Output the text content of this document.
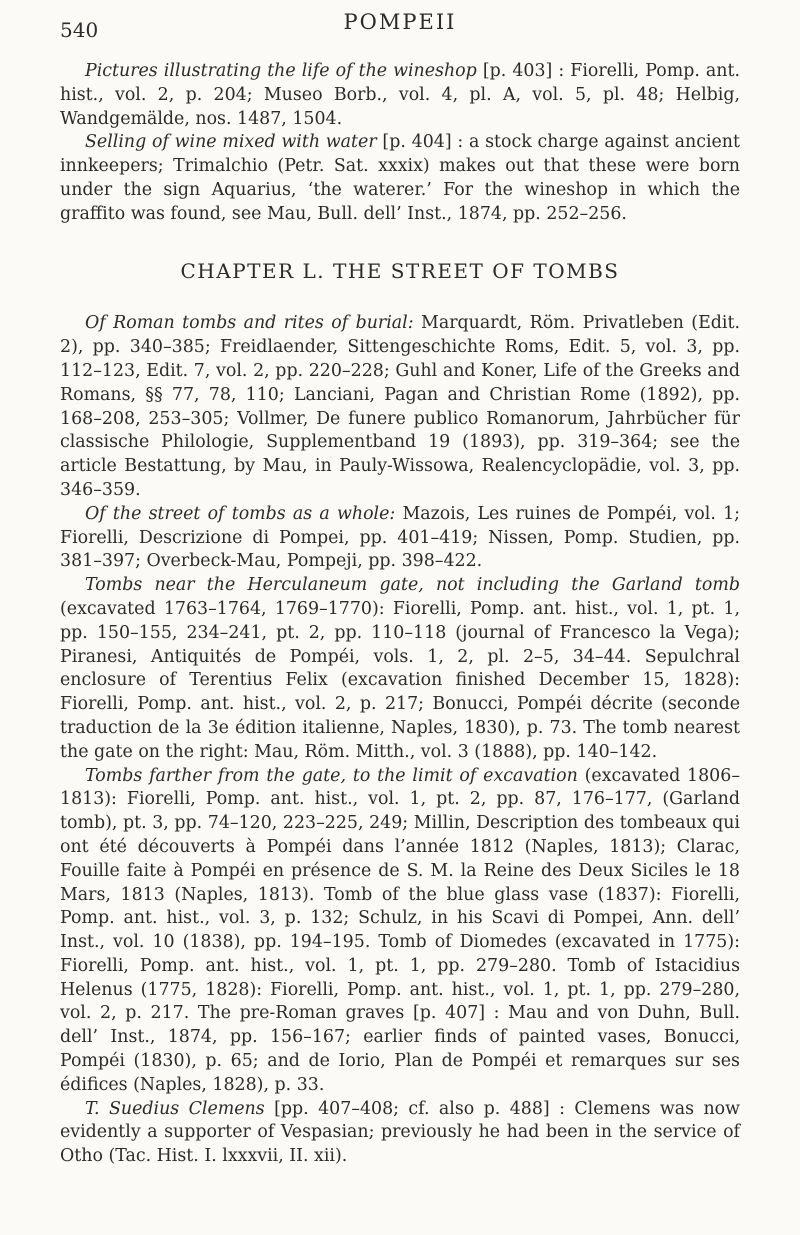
540	POMPEII

Pictures illustrating the life of the wineshop [p. 403] : Fiorelli, Pomp. ant. hist., vol. 2, p. 204; Museo Borb., vol. 4, pl. A, vol. 5, pl. 48; Helbig, Wandgemälde, nos. 1487, 1504.

Selling of wine mixed with water [p. 404] : a stock charge against ancient innkeepers; Trimalchio (Petr. Sat. xxxix) makes out that these were born under the sign Aquarius, ‘the waterer.’ For the wineshop in which the graffito was found, see Mau, Bull. dell’ Inst., 1874, pp. 252–256.

CHAPTER L. THE STREET OF TOMBS

Of Roman tombs and rites of burial: Marquardt, Röm. Privatleben (Edit. 2), pp. 340–385; Freidlaender, Sittengeschichte Roms, Edit. 5, vol. 3, pp. 112–123, Edit. 7, vol. 2, pp. 220–228; Guhl and Koner, Life of the Greeks and Romans, §§ 77, 78, 110; Lanciani, Pagan and Christian Rome (1892), pp. 168–208, 253–305; Vollmer, De funere publico Romanorum, Jahrbücher für classische Philologie, Supplementband 19 (1893), pp. 319–364; see the article Bestattung, by Mau, in Pauly-Wissowa, Realencyclopädie, vol. 3, pp. 346–359.

Of the street of tombs as a whole: Mazois, Les ruines de Pompéi, vol. 1; Fiorelli, Descrizione di Pompei, pp. 401–419; Nissen, Pomp. Studien, pp. 381–397; Overbeck-Mau, Pompeji, pp. 398–422.

Tombs near the Herculaneum gate, not including the Garland tomb (excavated 1763–1764, 1769–1770): Fiorelli, Pomp. ant. hist., vol. 1, pt. 1, pp. 150–155, 234–241, pt. 2, pp. 110–118 (journal of Francesco la Vega); Piranesi, Antiquités de Pompéi, vols. 1, 2, pl. 2–5, 34–44. Sepulchral enclosure of Terentius Felix (excavation finished December 15, 1828): Fiorelli, Pomp. ant. hist., vol. 2, p. 217; Bonucci, Pompéi décrite (seconde traduction de la 3e édition italienne, Naples, 1830), p. 73. The tomb nearest the gate on the right: Mau, Röm. Mitth., vol. 3 (1888), pp. 140–142.

Tombs farther from the gate, to the limit of excavation (excavated 1806–1813): Fiorelli, Pomp. ant. hist., vol. 1, pt. 2, pp. 87, 176–177, (Garland tomb), pt. 3, pp. 74–120, 223–225, 249; Millin, Description des tombeaux qui ont été découverts à Pompéi dans l’année 1812 (Naples, 1813); Clarac, Fouille faite à Pompéi en présence de S. M. la Reine des Deux Siciles le 18 Mars, 1813 (Naples, 1813). Tomb of the blue glass vase (1837): Fiorelli, Pomp. ant. hist., vol. 3, p. 132; Schulz, in his Scavi di Pompei, Ann. dell’ Inst., vol. 10 (1838), pp. 194–195. Tomb of Diomedes (excavated in 1775): Fiorelli, Pomp. ant. hist., vol. 1, pt. 1, pp. 279–280. Tomb of Istacidius Helenus (1775, 1828): Fiorelli, Pomp. ant. hist., vol. 1, pt. 1, pp. 279–280, vol. 2, p. 217. The pre-Roman graves [p. 407] : Mau and von Duhn, Bull. dell’ Inst., 1874, pp. 156–167; earlier finds of painted vases, Bonucci, Pompéi (1830), p. 65; and de Iorio, Plan de Pompéi et remarques sur ses édifices (Naples, 1828), p. 33.

T. Suedius Clemens [pp. 407–408; cf. also p. 488] : Clemens was now evidently a supporter of Vespasian; previously he had been in the service of Otho (Tac. Hist. I. lxxxvii, II. xii).
